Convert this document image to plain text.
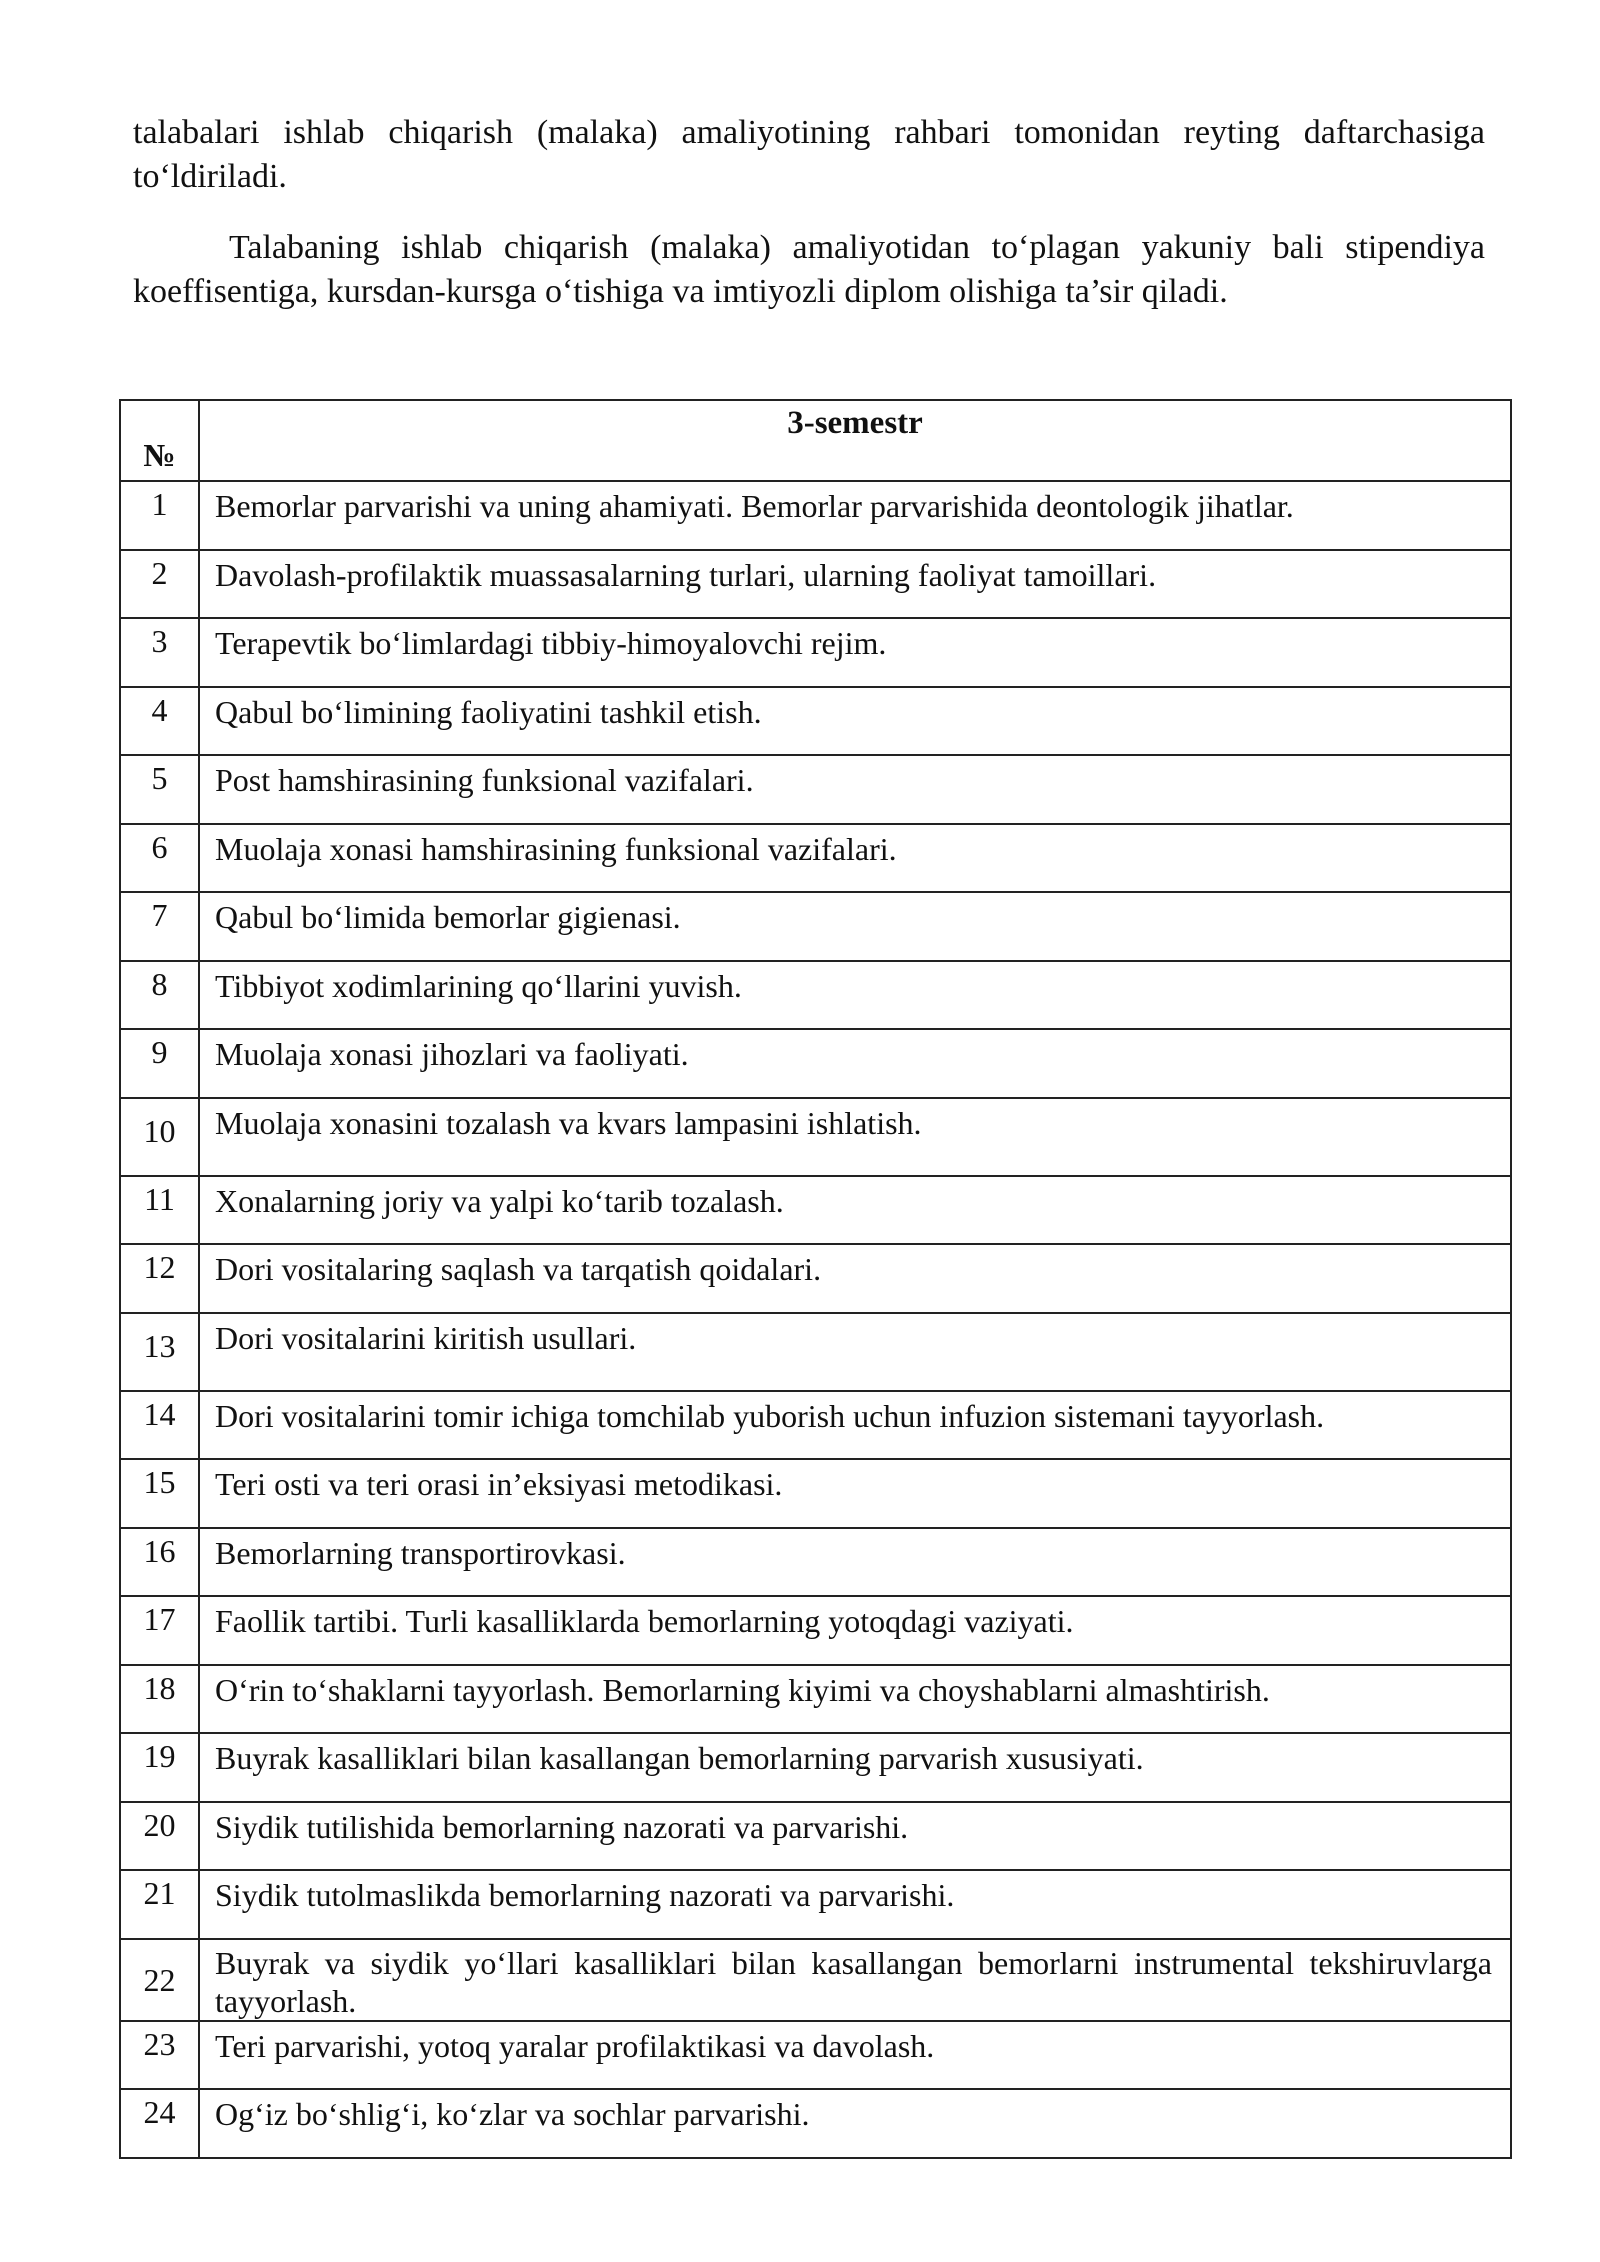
talabalari ishlab chiqarish (malaka) amaliyotining rahbari tomonidan reyting daftarchasiga to‘ldiriladi.

Talabaning ishlab chiqarish (malaka) amaliyotidan to‘plagan yakuniy bali stipendiya koeffisentiga, kursdan-kursga o‘tishiga va imtiyozli diplom olishiga ta’sir qiladi.

№	3-semestr
1	Bemorlar parvarishi va uning ahamiyati. Bemorlar parvarishida deontologik jihatlar.
2	Davolash-profilaktik muassasalarning turlari, ularning faoliyat tamoillari.
3	Terapevtik bo‘limlardagi tibbiy-himoyalovchi rejim.
4	Qabul bo‘limining faoliyatini tashkil etish.
5	Post hamshirasining funksional vazifalari.
6	Muolaja xonasi hamshirasining funksional vazifalari.
7	Qabul bo‘limida bemorlar gigienasi.
8	Tibbiyot xodimlarining qo‘llarini yuvish.
9	Muolaja xonasi jihozlari va faoliyati.
10	Muolaja xonasini tozalash va kvars lampasini ishlatish.
11	Xonalarning joriy va yalpi ko‘tarib tozalash.
12	Dori vositalaring saqlash va tarqatish qoidalari.
13	Dori vositalarini kiritish usullari.
14	Dori vositalarini tomir ichiga tomchilab yuborish uchun infuzion sistemani tayyorlash.
15	Teri osti va teri orasi in’eksiyasi metodikasi.
16	Bemorlarning transportirovkasi.
17	Faollik tartibi. Turli kasalliklarda bemorlarning yotoqdagi vaziyati.
18	O‘rin to‘shaklarni tayyorlash. Bemorlarning kiyimi va choyshablarni almashtirish.
19	Buyrak kasalliklari bilan kasallangan bemorlarning parvarish xususiyati.
20	Siydik tutilishida bemorlarning nazorati va parvarishi.
21	Siydik tutolmaslikda bemorlarning nazorati va parvarishi.
22	Buyrak va siydik yo‘llari kasalliklari bilan kasallangan bemorlarni instrumental tekshiruvlarga tayyorlash.
23	Teri parvarishi, yotoq yaralar profilaktikasi va davolash.
24	Og‘iz bo‘shlig‘i, ko‘zlar va sochlar parvarishi.
